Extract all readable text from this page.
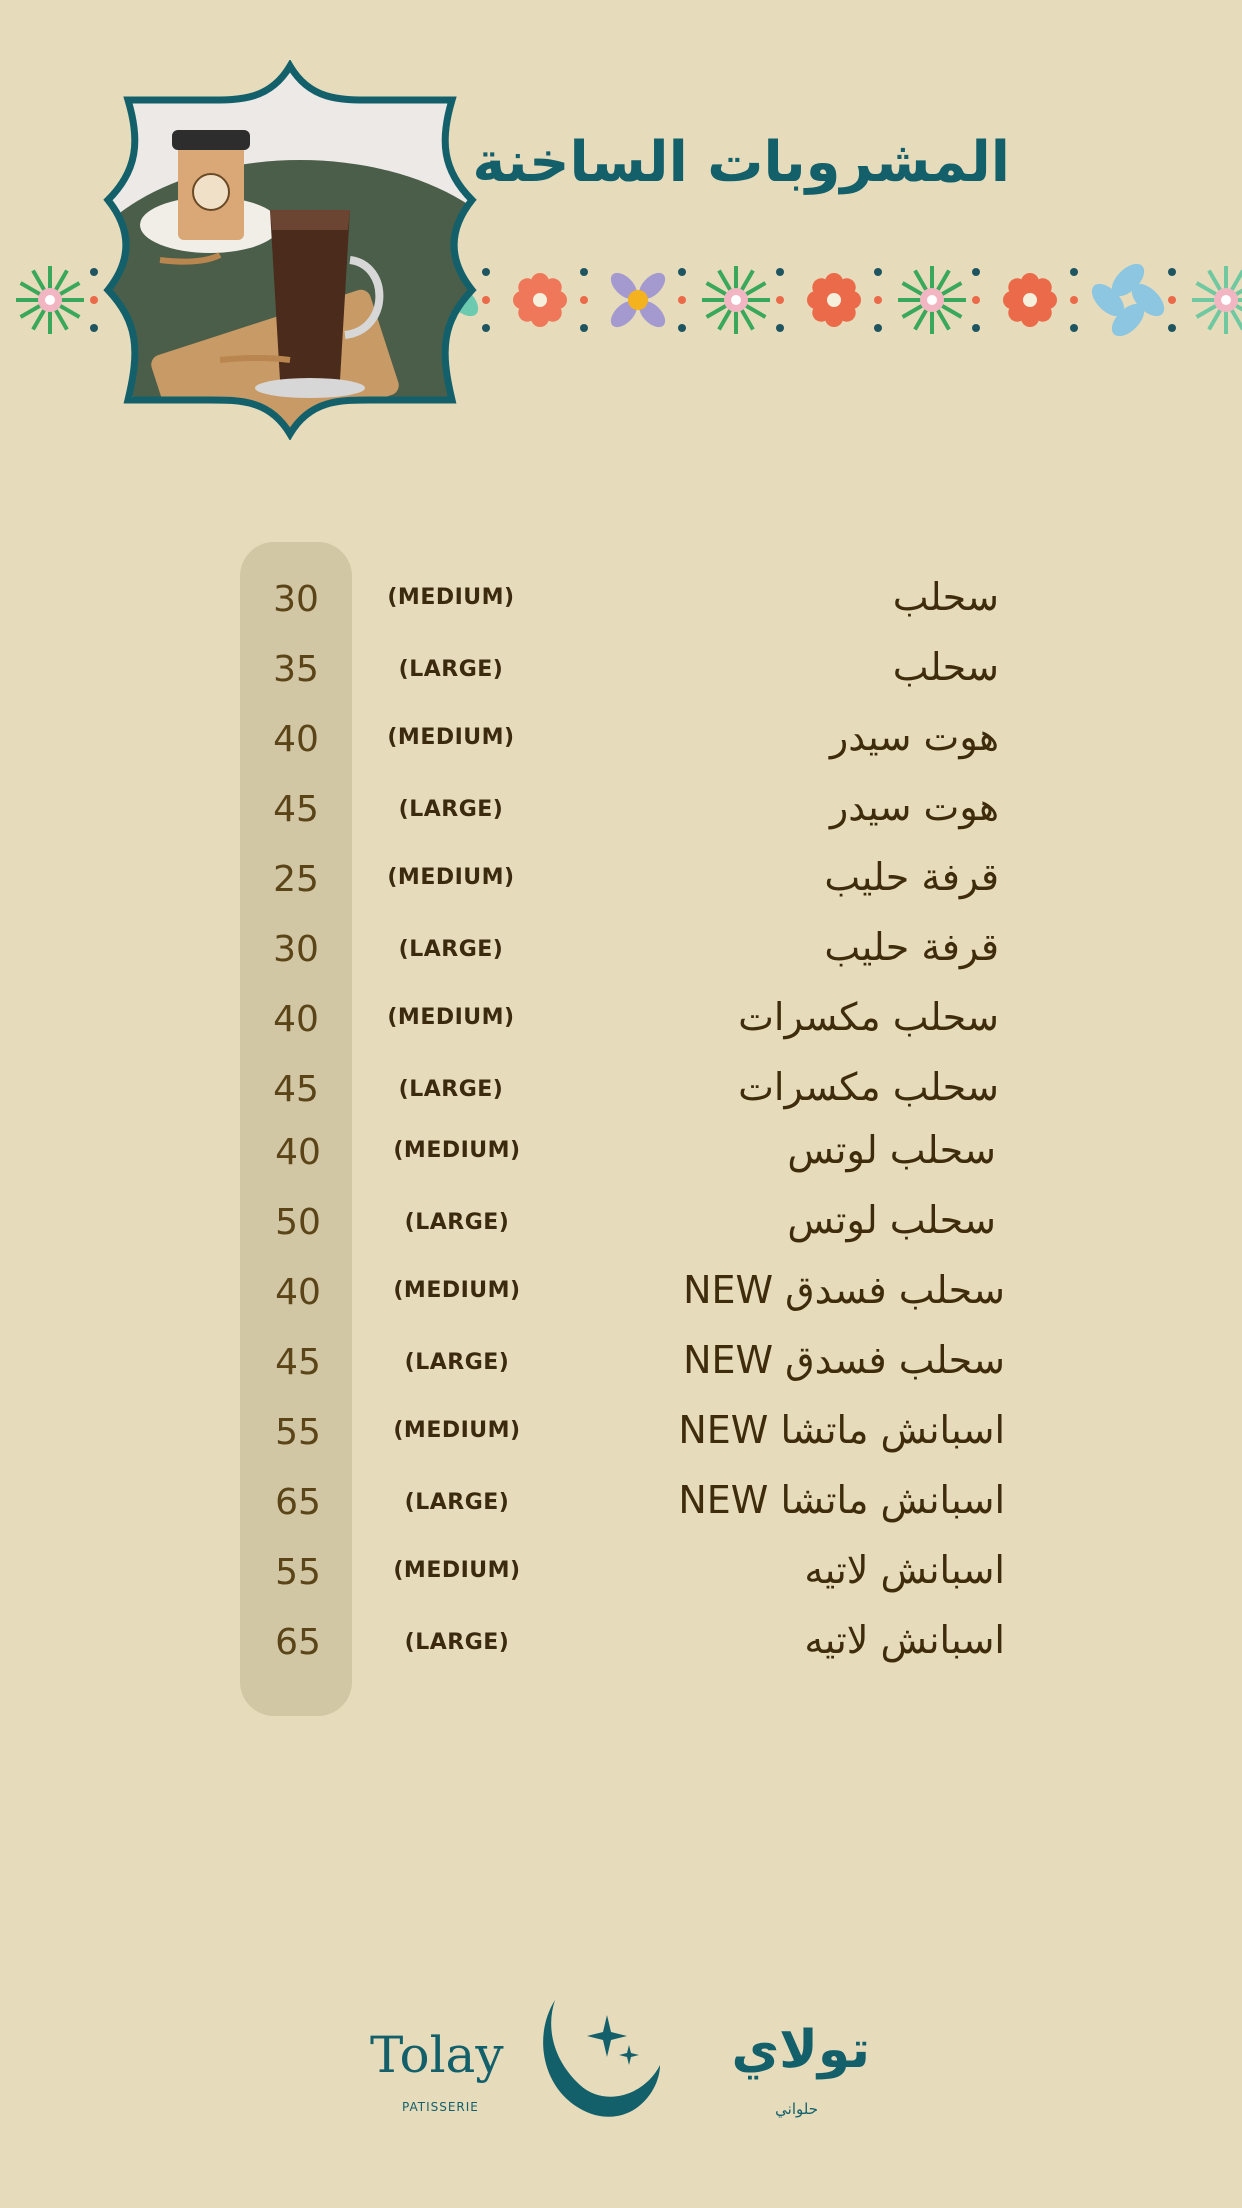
المشروبات الساخنة
30	(MEDIUM)	سحلب
35	(LARGE)	سحلب
40	(MEDIUM)	هوت سيدر
45	(LARGE)	هوت سيدر
25	(MEDIUM)	قرفة حليب
30	(LARGE)	قرفة حليب
40	(MEDIUM)	سحلب مكسرات
45	(LARGE)	سحلب مكسرات
40	(MEDIUM)	سحلب لوتس
50	(LARGE)	سحلب لوتس
40	(MEDIUM)	سحلب فسدق NEW
45	(LARGE)	سحلب فسدق NEW
55	(MEDIUM)	اسبانش ماتشا NEW
65	(LARGE)	اسبانش ماتشا NEW
55	(MEDIUM)	اسبانش لاتيه
65	(LARGE)	اسبانش لاتيه
Tolay
PATISSERIE
تولاي
حلواني
